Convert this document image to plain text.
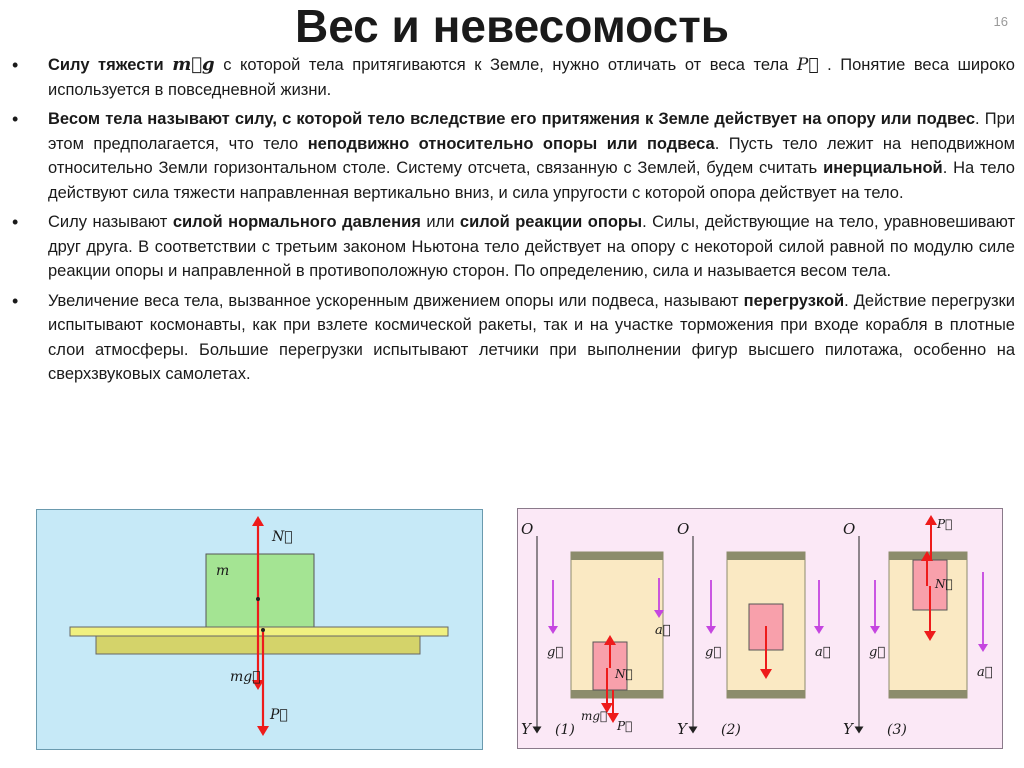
Вес и невесомость	16
• Силу тяжести m⃗g с которой тела притягиваются к Земле, нужно отличать от веса тела P⃗ . Понятие веса широко используется в повседневной жизни.
• Весом тела называют силу, с которой тело вследствие его притяжения к Земле действует на опору или подвес. При этом предполагается, что тело неподвижно относительно опоры или подвеса. Пусть тело лежит на неподвижном относительно Земли горизонтальном столе. Систему отсчета, связанную с Землей, будем считать инерциальной. На тело действуют сила тяжести направленная вертикально вниз, и сила упругости с которой опора действует на тело.
• Силу называют силой нормального давления или силой реакции опоры. Силы, действующие на тело, уравновешивают друг друга. В соответствии с третьим законом Ньютона тело действует на опору с некоторой силой равной по модулю силе реакции опоры и направленной в противоположную сторон. По определению, сила и называется весом тела.
• Увеличение веса тела, вызванное ускоренным движением опоры или подвеса, называют перегрузкой. Действие перегрузки испытывают космонавты, как при взлете космической ракеты, так и на участке торможения при входе корабля в плотные слои атмосферы. Большие перегрузки испытывают летчики при выполнении фигур высшего пилотажа, особенно на сверхзвуковых самолетах.
m
N⃗
mg⃗
P⃗
O
Y
g⃗
a⃗
N⃗
mg⃗
P⃗
(1)
O
Y
g⃗	a⃗
(2)
O
Y
g⃗
P⃗
N⃗
a⃗
(3)
